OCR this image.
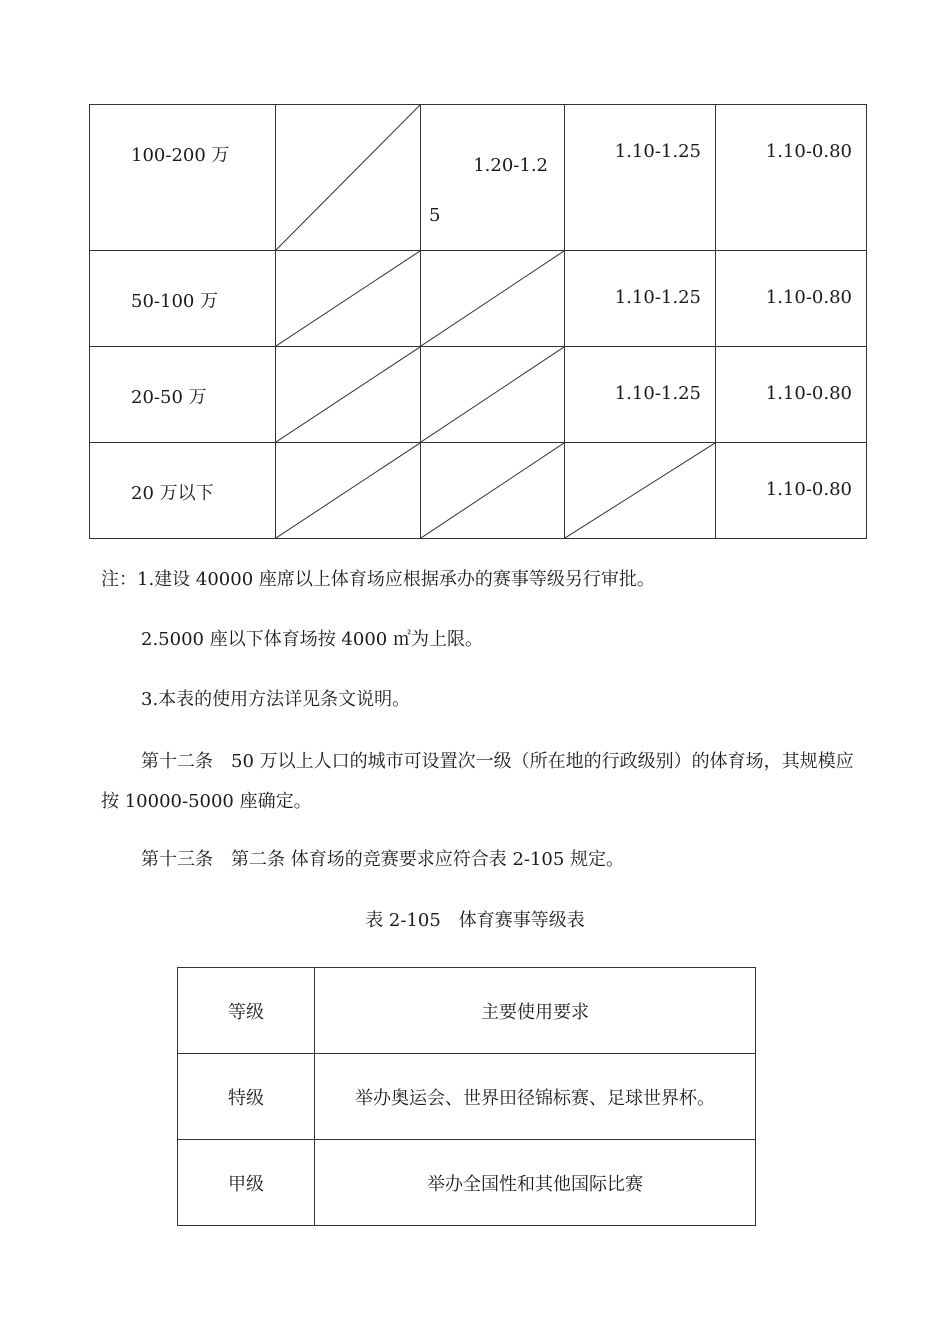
100-200 万		1.20-1.2
5	1.10-1.25	1.10-0.80

50-100 万			1.10-1.25	1.10-0.80

20-50 万			1.10-1.25	1.10-0.80

20 万以下				1.10-0.80
注：1.建设 40000 座席以上体育场应根据承办的赛事等级另行审批。
2.5000 座以下体育场按 4000 ㎡为上限。
3.本表的使用方法详见条文说明。
第十二条　50 万以上人口的城市可设置次一级（所在地的行政级别）的体育场，其规模应按 10000-5000 座确定。
第十三条　第二条 体育场的竞赛要求应符合表 2-105 规定。
表 2-105　体育赛事等级表
等级	主要使用要求
特级	举办奥运会、世界田径锦标赛、足球世界杯。
甲级	举办全国性和其他国际比赛
